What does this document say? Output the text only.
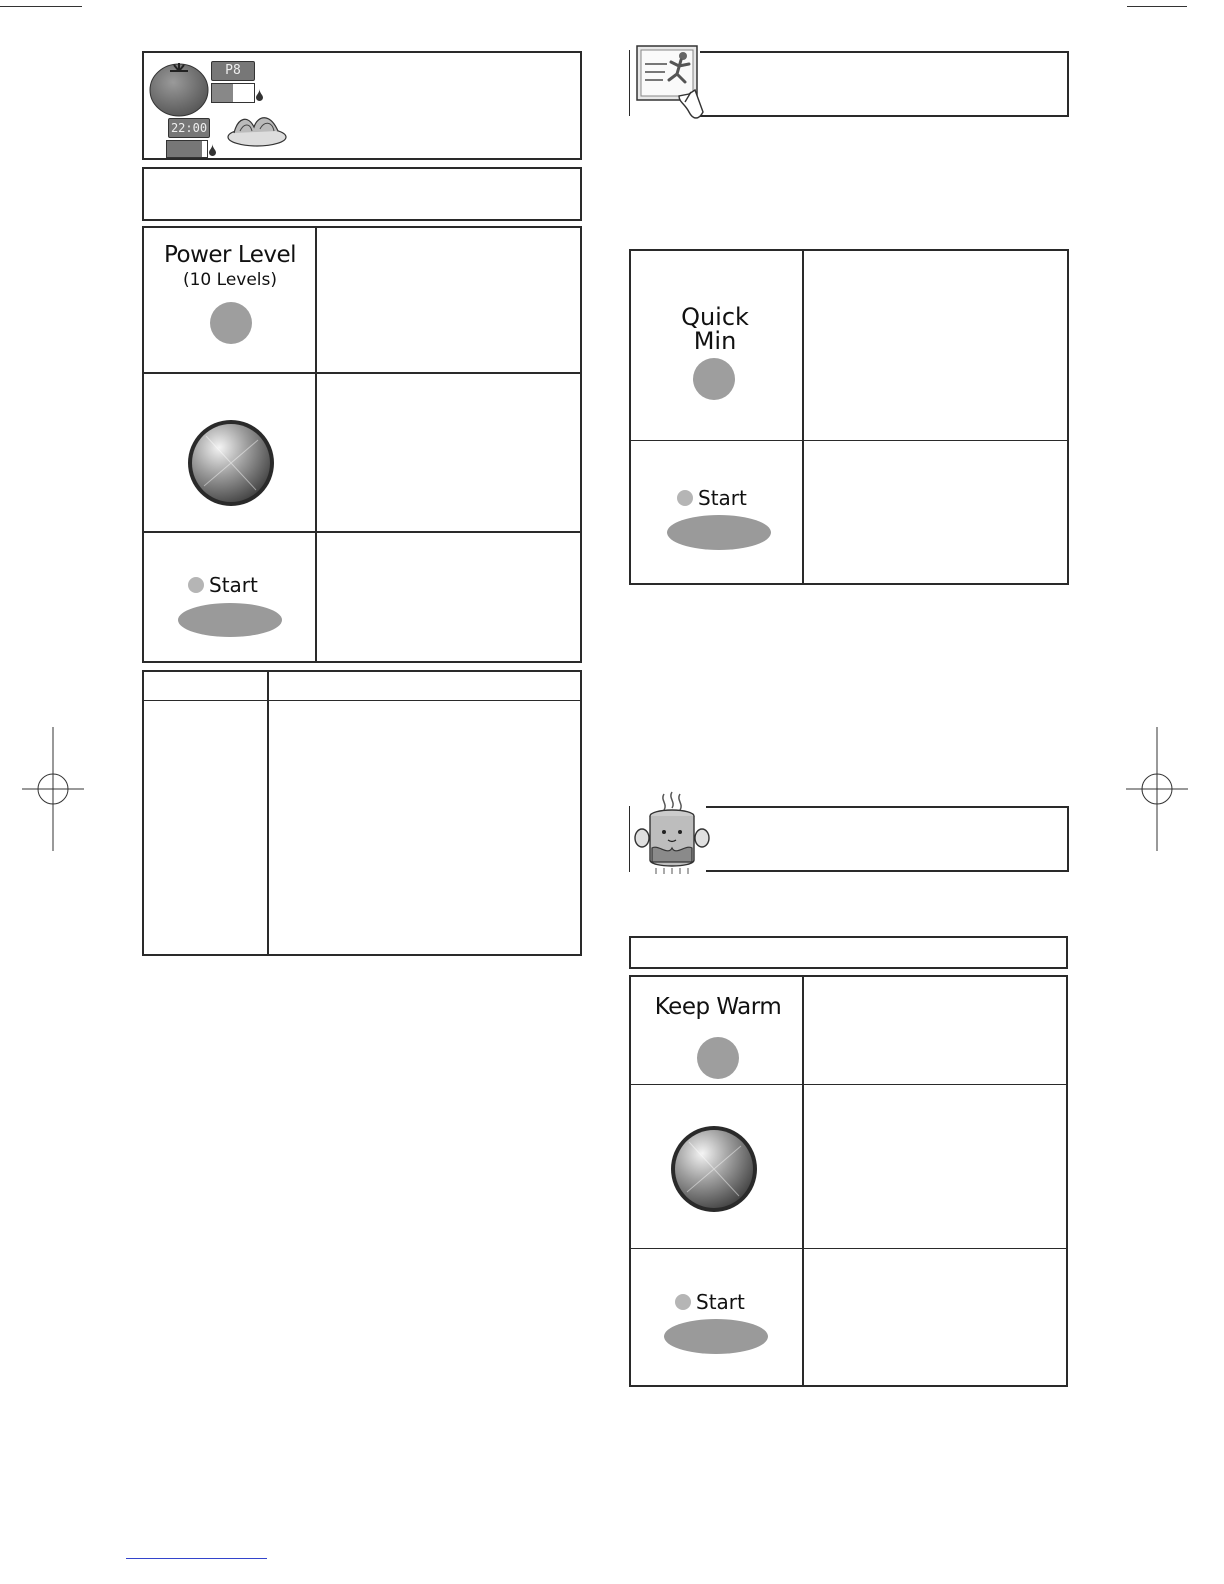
P8
22:00
Power Level
(10 Levels)
Start
Quick
Min
Start
Keep Warm
Start
